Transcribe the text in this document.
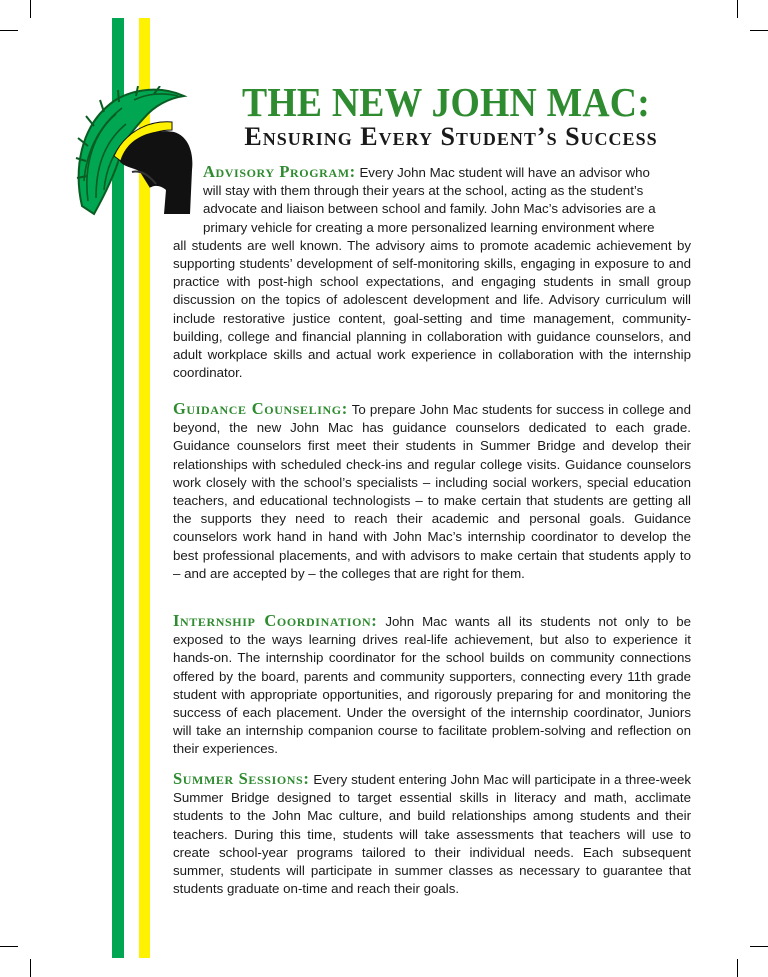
THE NEW JOHN MAC:
Ensuring Every Student’s Success

Advisory Program: Every John Mac student will have an advisor who

will stay with them through their years at the school, acting as the student’s

advocate and liaison between school and family. John Mac’s advisories are a

primary vehicle for creating a more personalized learning environment where

all students are well known. The advisory aims to promote academic achievement by supporting students’ development of self-monitoring skills, engaging in exposure to and practice with post-high school expectations, and engaging students in small group discussion on the topics of adolescent development and life. Advisory curriculum will include restorative justice content, goal-setting and time management, community-building, college and financial planning in collaboration with guidance counselors, and adult workplace skills and actual work experience in collaboration with the internship coordinator.

Guidance Counseling: To prepare John Mac students for success in college and beyond, the new John Mac has guidance counselors dedicated to each grade. Guidance counselors first meet their students in Summer Bridge and develop their relationships with scheduled check-ins and regular college visits. Guidance counselors work closely with the school’s specialists – including social workers, special education teachers, and educational technologists – to make certain that students are getting all the supports they need to reach their academic and personal goals. Guidance counselors work hand in hand with John Mac’s internship coordinator to develop the best professional placements, and with advisors to make certain that students apply to – and are accepted by – the colleges that are right for them.

Internship Coordination: John Mac wants all its students not only to be exposed to the ways learning drives real-life achievement, but also to experience it hands-on. The internship coordinator for the school builds on community connections offered by the board, parents and community supporters, connecting every 11th grade student with appropriate opportunities, and rigorously preparing for and monitoring the success of each placement. Under the oversight of the internship coordinator, Juniors will take an internship companion course to facilitate problem-solving and reflection on their experiences.

Summer Sessions: Every student entering John Mac will participate in a three-week Summer Bridge designed to target essential skills in literacy and math, acclimate students to the John Mac culture, and build relationships among students and their teachers. During this time, students will take assessments that teachers will use to create school-year programs tailored to their individual needs. Each subsequent summer, students will participate in summer classes as necessary to guarantee that students graduate on-time and reach their goals.
